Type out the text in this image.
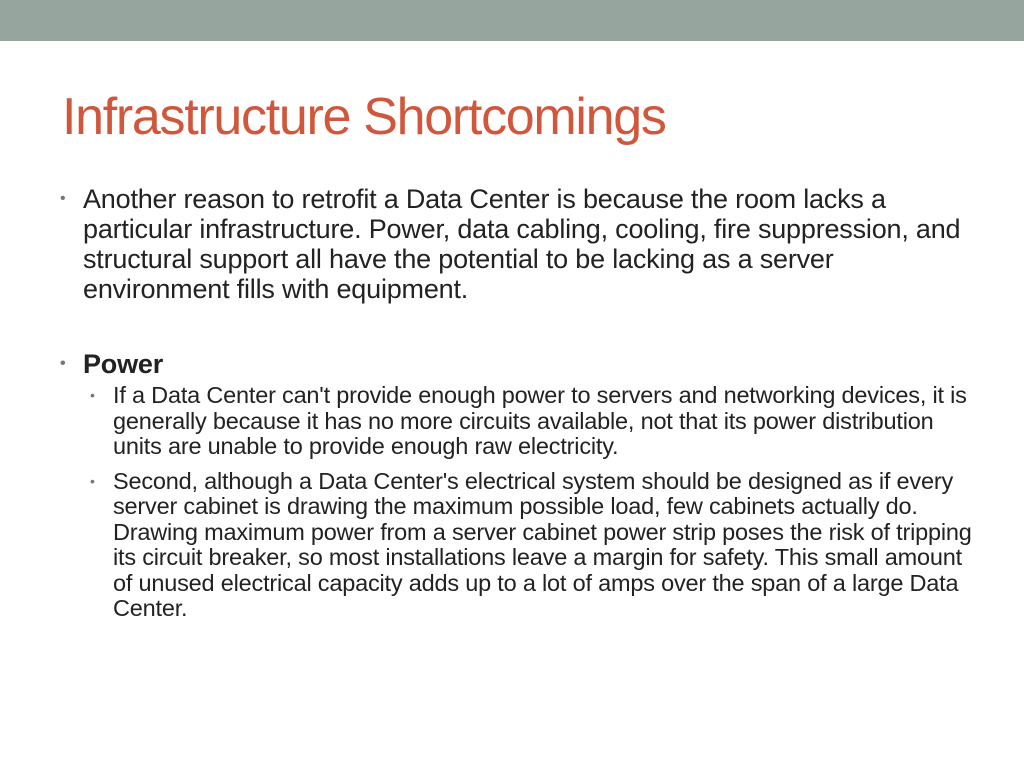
Infrastructure Shortcomings
• Another reason to retrofit a Data Center is because the room lacks a particular infrastructure. Power, data cabling, cooling, fire suppression, and structural support all have the potential to be lacking as a server environment fills with equipment.
• Power
• If a Data Center can't provide enough power to servers and networking devices, it is generally because it has no more circuits available, not that its power distribution units are unable to provide enough raw electricity.
• Second, although a Data Center's electrical system should be designed as if every server cabinet is drawing the maximum possible load, few cabinets actually do. Drawing maximum power from a server cabinet power strip poses the risk of tripping its circuit breaker, so most installations leave a margin for safety. This small amount of unused electrical capacity adds up to a lot of amps over the span of a large Data Center.
